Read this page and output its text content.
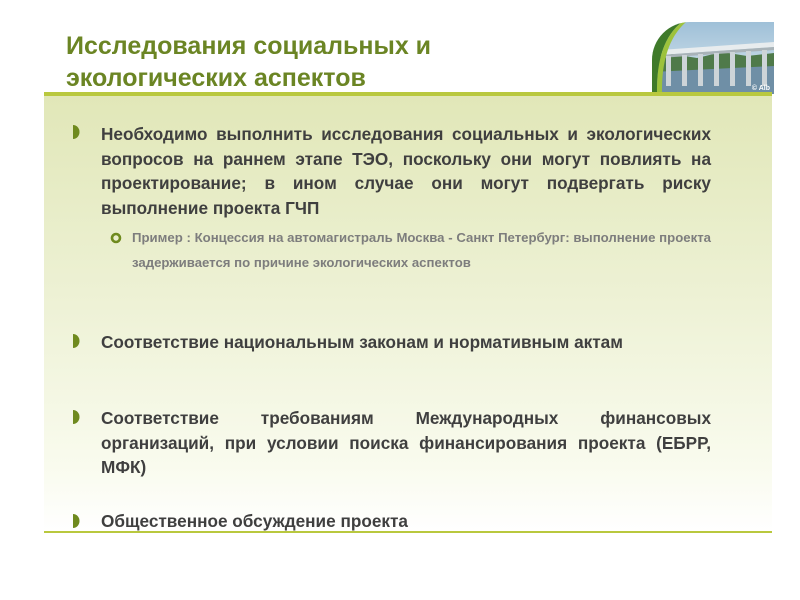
Исследования социальных и
экологических аспектов	© Alb

Необходимо выполнить исследования социальных и экологических вопросов на раннем этапе ТЭО, поскольку они могут повлиять на проектирование; в ином случае они могут подвергать риску выполнение проекта ГЧП

Пример : Концессия на автомагистраль Москва - Санкт Петербург: выполнение проекта задерживается по причине экологических аспектов

Соответствие национальным законам и нормативным актам

Соответствие требованиям Международных финансовых организаций, при условии поиска финансирования проекта (ЕБРР, МФК)

Общественное обсуждение проекта
